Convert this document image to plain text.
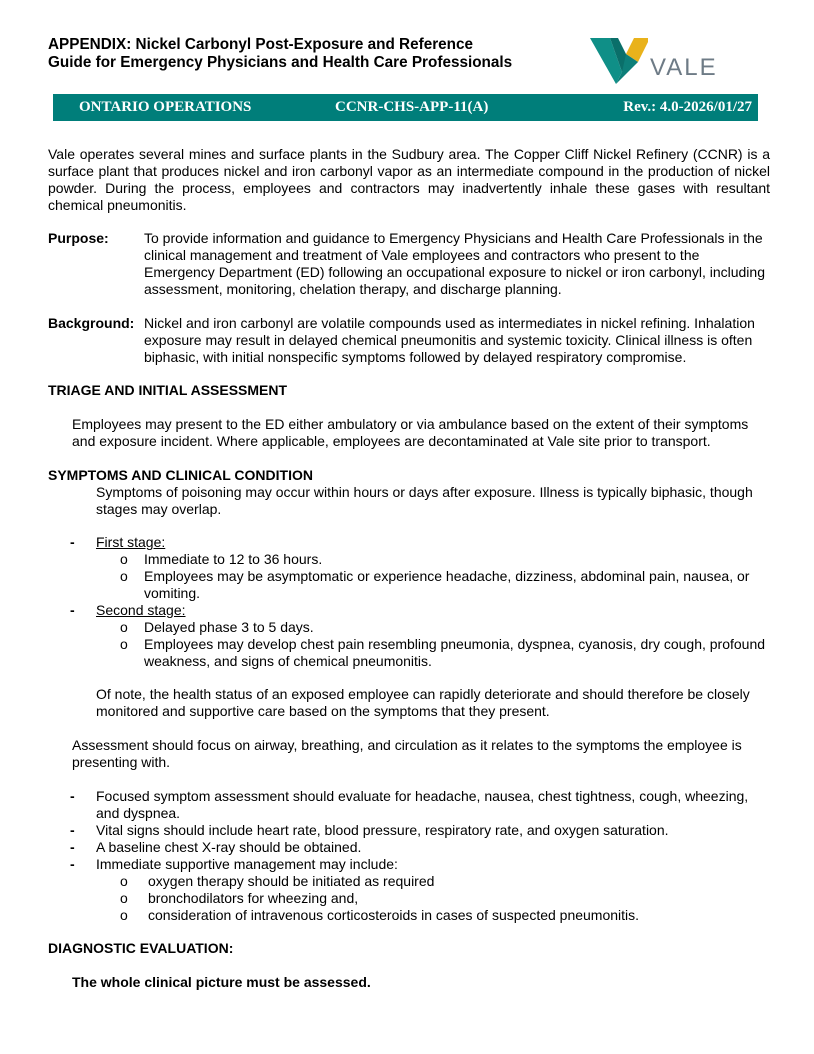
APPENDIX: Nickel Carbonyl Post-Exposure and Reference
Guide for Emergency Physicians and Health Care Professionals	VALE
ONTARIO OPERATIONS	CCNR-CHS-APP-11(A)	Rev.: 4.0-2026/01/27
Vale operates several mines and surface plants in the Sudbury area. The Copper Cliff Nickel Refinery (CCNR) is a surface plant that produces nickel and iron carbonyl vapor as an intermediate compound in the production of nickel powder. During the process, employees and contractors may inadvertently inhale these gases with resultant chemical pneumonitis.
Purpose:	To provide information and guidance to Emergency Physicians and Health Care Professionals in the clinical management and treatment of Vale employees and contractors who present to the Emergency Department (ED) following an occupational exposure to nickel or iron carbonyl, including assessment, monitoring, chelation therapy, and discharge planning.
Background: Nickel and iron carbonyl are volatile compounds used as intermediates in nickel refining. Inhalation exposure may result in delayed chemical pneumonitis and systemic toxicity. Clinical illness is often biphasic, with initial nonspecific symptoms followed by delayed respiratory compromise.
TRIAGE AND INITIAL ASSESSMENT
Employees may present to the ED either ambulatory or via ambulance based on the extent of their symptoms and exposure incident. Where applicable, employees are decontaminated at Vale site prior to transport.
SYMPTOMS AND CLINICAL CONDITION
Symptoms of poisoning may occur within hours or days after exposure. Illness is typically biphasic, though stages may overlap.
- First stage:
o Immediate to 12 to 36 hours.
o Employees may be asymptomatic or experience headache, dizziness, abdominal pain, nausea, or vomiting.
- Second stage:
o Delayed phase 3 to 5 days.
o Employees may develop chest pain resembling pneumonia, dyspnea, cyanosis, dry cough, profound weakness, and signs of chemical pneumonitis.
Of note, the health status of an exposed employee can rapidly deteriorate and should therefore be closely monitored and supportive care based on the symptoms that they present.
Assessment should focus on airway, breathing, and circulation as it relates to the symptoms the employee is presenting with.
- Focused symptom assessment should evaluate for headache, nausea, chest tightness, cough, wheezing, and dyspnea.
- Vital signs should include heart rate, blood pressure, respiratory rate, and oxygen saturation.
- A baseline chest X-ray should be obtained.
- Immediate supportive management may include:
o oxygen therapy should be initiated as required
o bronchodilators for wheezing and,
o consideration of intravenous corticosteroids in cases of suspected pneumonitis.
DIAGNOSTIC EVALUATION:
The whole clinical picture must be assessed.
